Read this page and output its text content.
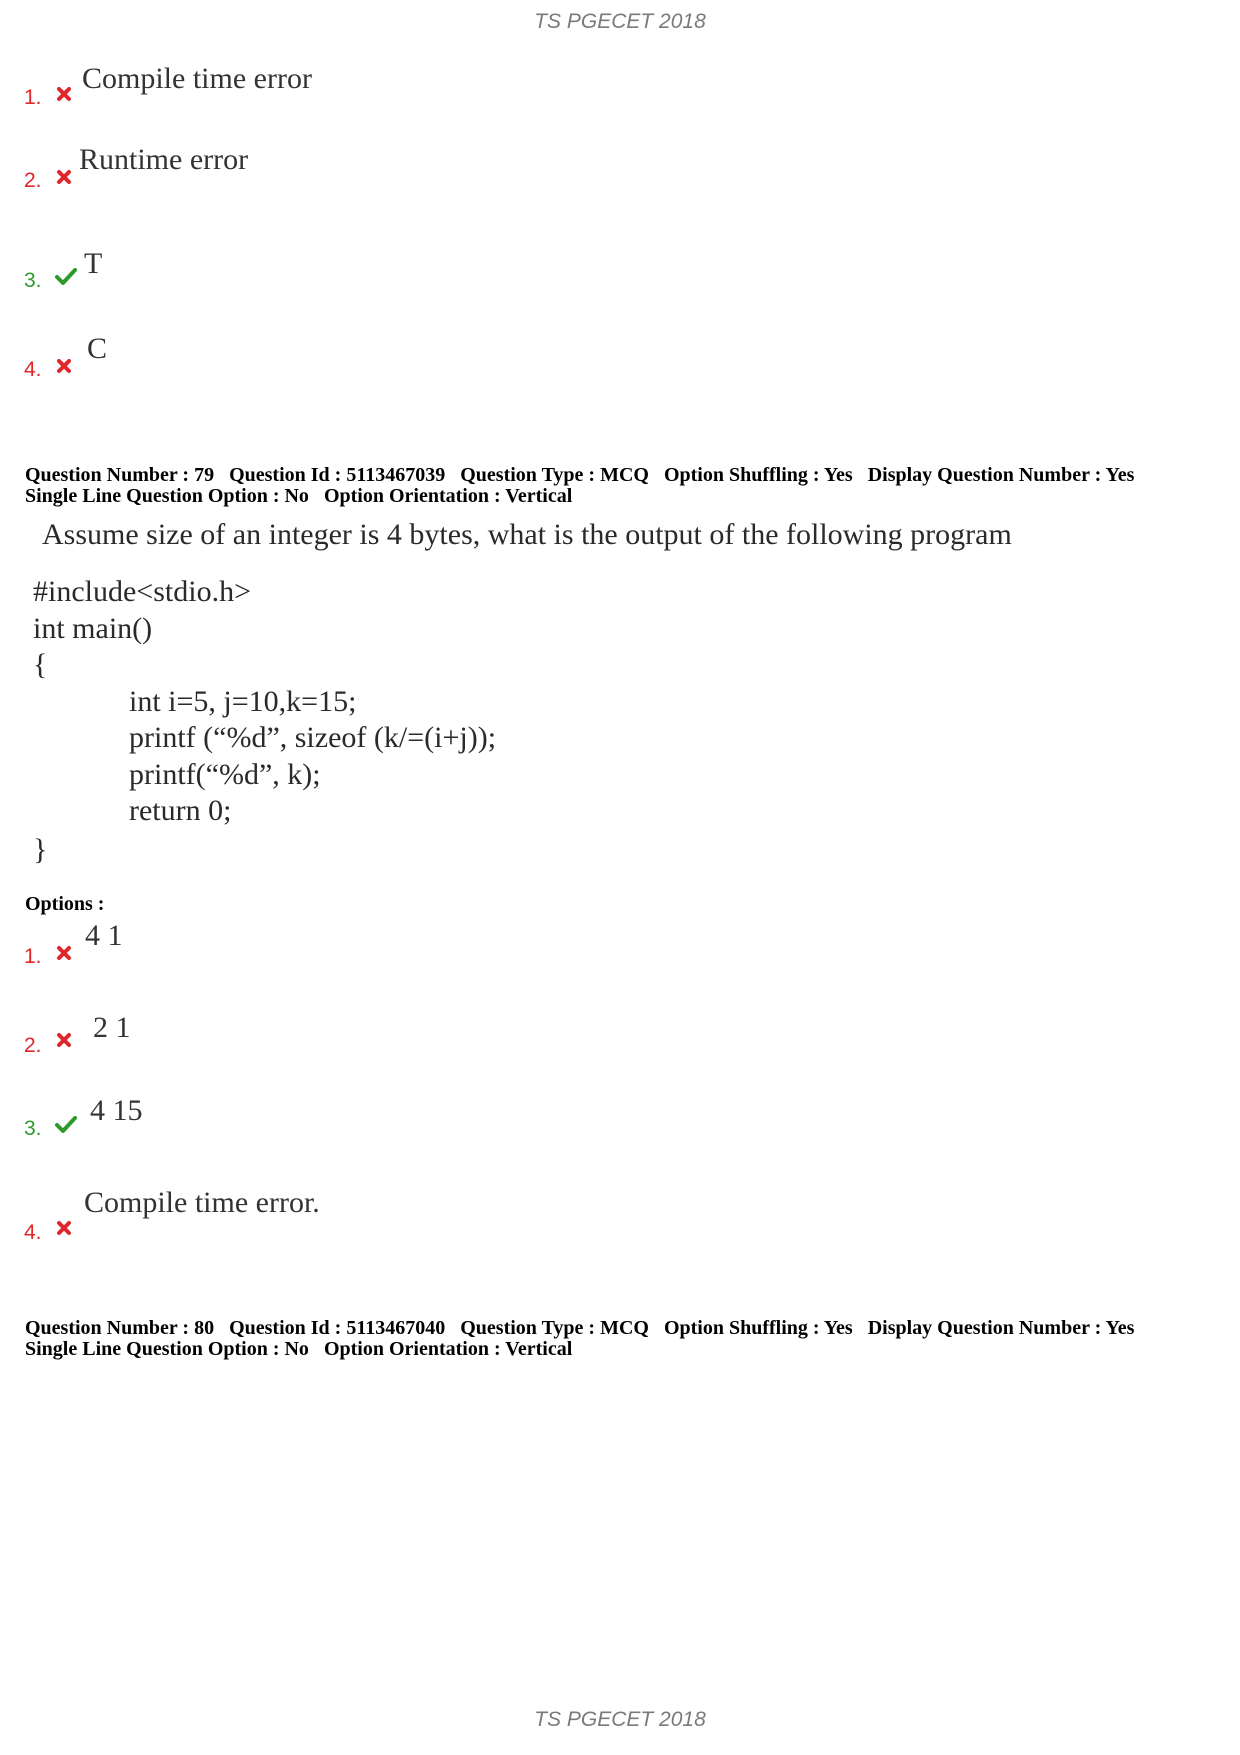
TS PGECET 2018
1.
Compile time error
2.
Runtime error
3.
T
4.
C
Question Number : 79 Question Id : 5113467039 Question Type : MCQ Option Shuffling : Yes Display Question Number : Yes
Single Line Question Option : No Option Orientation : Vertical
Assume size of an integer is 4 bytes, what is the output of the following program
#include<stdio.h>
int main()
{
int i=5, j=10,k=15;
printf (“%d”, sizeof (k/=(i+j));
printf(“%d”, k);
return 0;
}
Options :
1.
4 1
2.
2 1
3.
4 15
4.
Compile time error.
Question Number : 80 Question Id : 5113467040 Question Type : MCQ Option Shuffling : Yes Display Question Number : Yes
Single Line Question Option : No Option Orientation : Vertical
TS PGECET 2018
